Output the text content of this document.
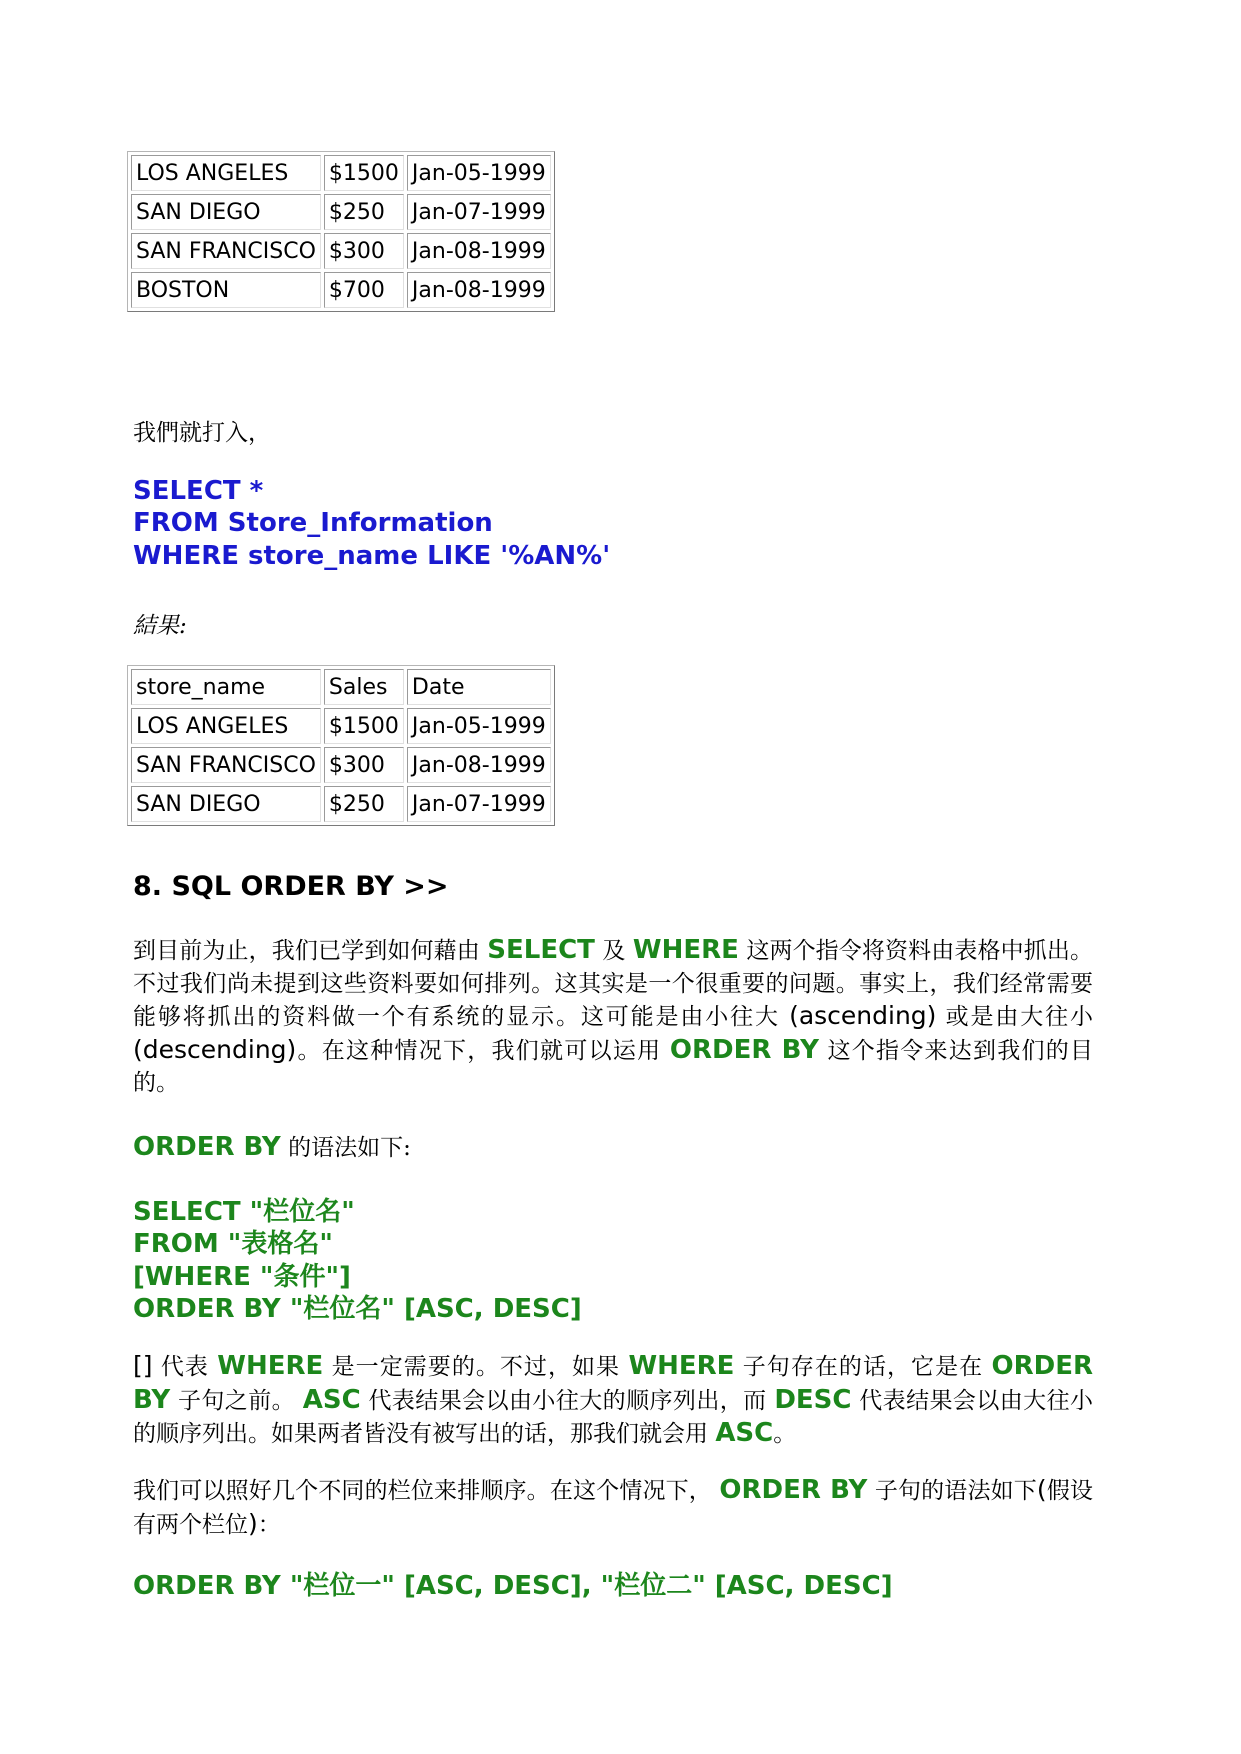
LOS ANGELES	$1500	Jan-05-1999
SAN DIEGO	$250	Jan-07-1999
SAN FRANCISCO	$300	Jan-08-1999
BOSTON	$700	Jan-08-1999
我們就打入，
SELECT *
FROM Store_Information
WHERE store_name LIKE '%AN%'
結果:
store_name	Sales	Date
LOS ANGELES	$1500	Jan-05-1999
SAN FRANCISCO	$300	Jan-08-1999
SAN DIEGO	$250	Jan-07-1999
8. SQL ORDER BY >>
到目前为止，我们已学到如何藉由 SELECT 及 WHERE 这两个指令将资料由表格中抓出。不过我们尚未提到这些资料要如何排列。这其实是一个很重要的问题。事实上，我们经常需要能够将抓出的资料做一个有系统的显示。这可能是由小往大 (ascending) 或是由大往小(descending)。在这种情况下，我们就可以运用 ORDER BY 这个指令来达到我们的目的。
ORDER BY 的语法如下:
SELECT "栏位名"
FROM "表格名"
[WHERE "条件"]
ORDER BY "栏位名" [ASC, DESC]
[] 代表 WHERE 是一定需要的。不过，如果 WHERE 子句存在的话，它是在 ORDER BY 子句之前。 ASC 代表结果会以由小往大的顺序列出，而 DESC 代表结果会以由大往小的顺序列出。如果两者皆没有被写出的话，那我们就会用 ASC。
我们可以照好几个不同的栏位来排顺序。在这个情况下， ORDER BY 子句的语法如下(假设有两个栏位)：
ORDER BY "栏位一" [ASC, DESC], "栏位二" [ASC, DESC]
